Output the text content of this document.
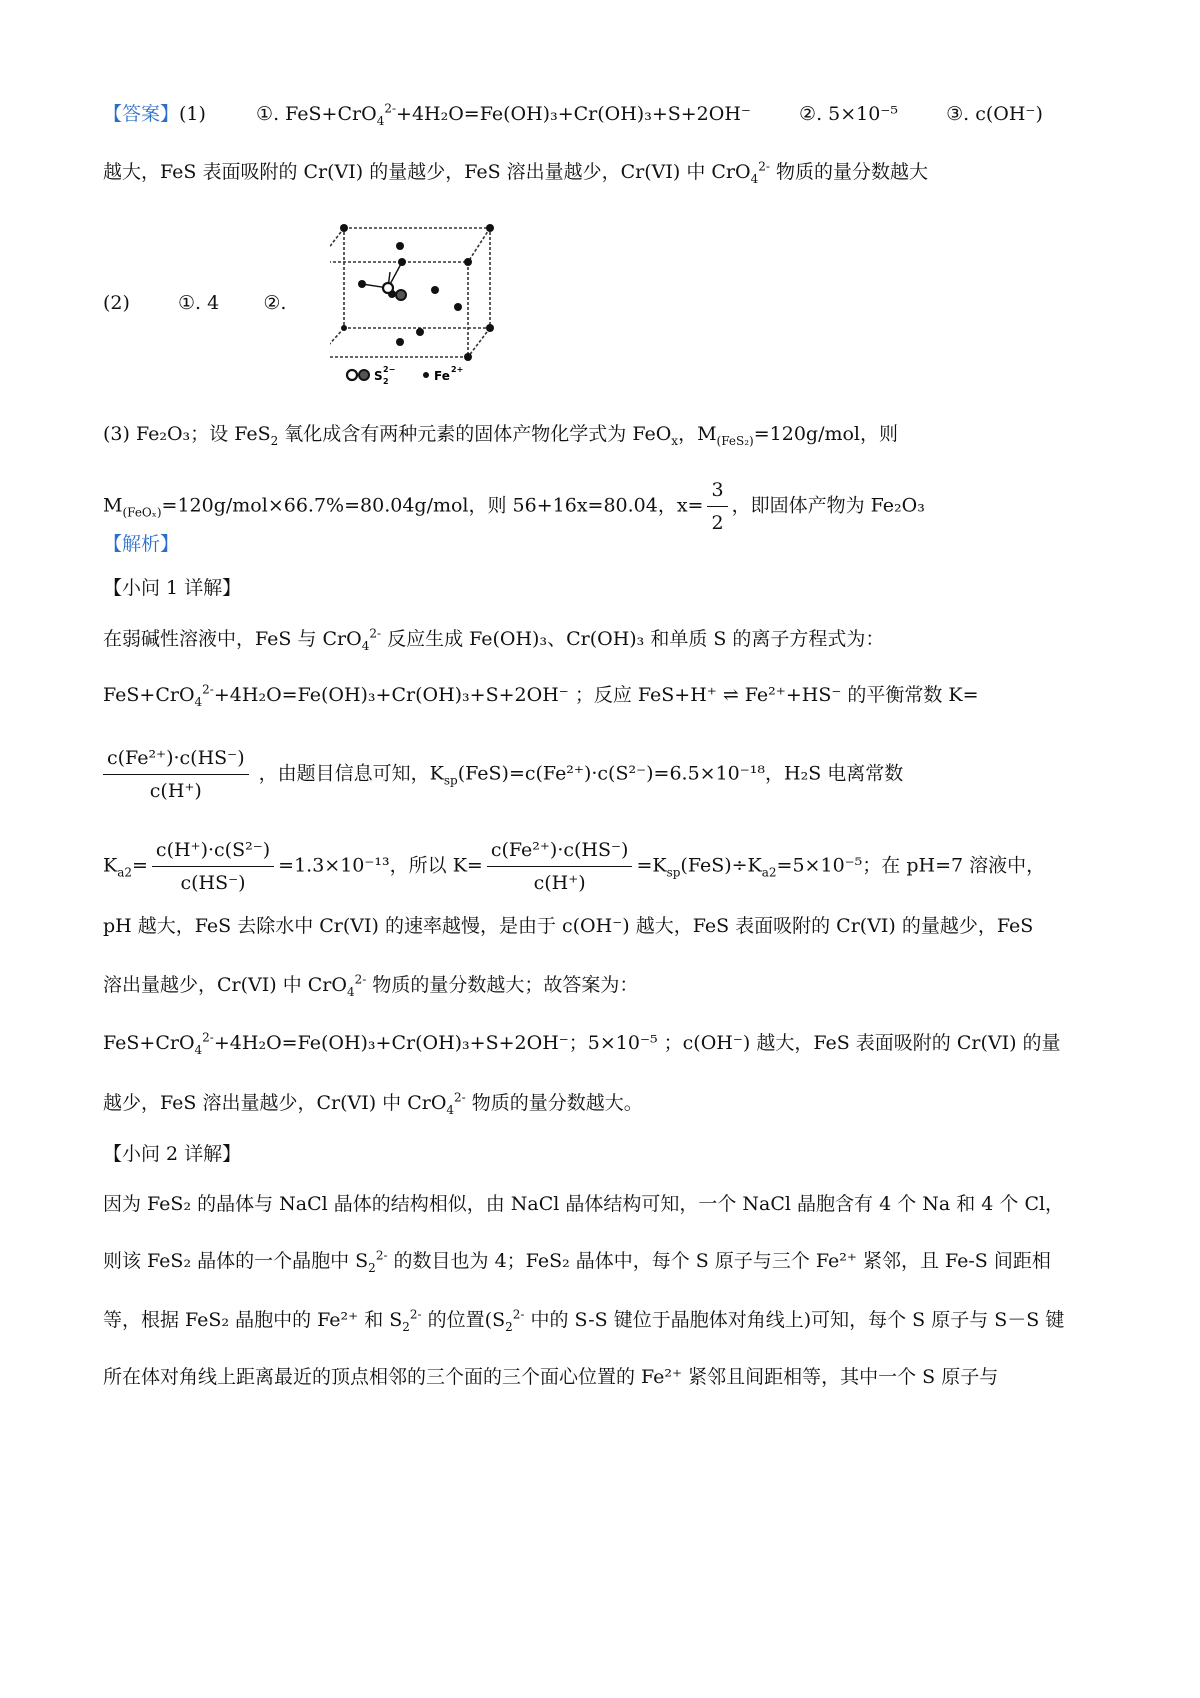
【答案】(1)	①. FeS+CrO$_4^{2-}$+4H₂O=Fe(OH)₃+Cr(OH)₃+S+2OH⁻	②. 5×10⁻⁵	③. c(OH⁻)
越大，FeS 表面吸附的 Cr(VI) 的量越少，FeS 溶出量越少，Cr(VI) 中 CrO$_4^{2-}$ 物质的量分数越大
(2)	①. 4 ②.
S 2
2−	Fe 2+
(3) Fe₂O₃；设 FeS$_2$ 氧化成含有两种元素的固体产物化学式为 FeO$_x$，$M_{(FeS_2)}=120g$/mol，则
$M_{(FeO_x)}=120g/mol\times 66.7\%=80.04g$/mol，则 56+16x=80.04，$x= \frac{3}{2}$ ，即固体产物为 Fe₂O₃
【解析】
【小问 1 详解】
在弱碱性溶液中，FeS 与 CrO$_4^{2-}$ 反应生成 Fe(OH)₃、Cr(OH)₃ 和单质 S 的离子方程式为：
FeS+CrO$_4^{2-}$+4H₂O=Fe(OH)₃+Cr(OH)₃+S+2OH⁻ ；反应 FeS+H⁺ ⇌ Fe²⁺+HS⁻ 的平衡常数 K=
$\frac{\text{c(Fe²⁺)·c(HS⁻)}}{c(H^+)}$ ，由题目信息可知，$K_{sp}(FeS)=c(Fe^{2+})\cdot c(S^{2-})=6.5\times 10^{-18}$，H₂S 电离常数
$K_{a2}= \frac{\text{c(H⁺)·c(S²⁻)}}{c(HS^-)} =1.3\times 10^{-13}$，所以 $K= \frac{\text{c(Fe²⁺)·c(HS⁻)}}{c(H^+)} =K_{sp}(FeS)\div K_{a2}=5\times 10^{-5}$；在 pH=7 溶液中，
pH 越大，FeS 去除水中 Cr(VI) 的速率越慢，是由于 c(OH⁻) 越大，FeS 表面吸附的 Cr(VI) 的量越少，FeS
溶出量越少，Cr(VI) 中 CrO$_4^{2-}$ 物质的量分数越大；故答案为：
FeS+CrO$_4^{2-}$+4H₂O=Fe(OH)₃+Cr(OH)₃+S+2OH⁻；5×10⁻⁵ ；c(OH⁻) 越大，FeS 表面吸附的 Cr(VI) 的量
越少，FeS 溶出量越少，Cr(VI) 中 CrO$_4^{2-}$ 物质的量分数越大。
【小问 2 详解】
因为 FeS₂ 的晶体与 NaCl 晶体的结构相似，由 NaCl 晶体结构可知，一个 NaCl 晶胞含有 4 个 Na 和 4 个 Cl，
则该 FeS₂ 晶体的一个晶胞中 $S_2^{2-}$ 的数目也为 4；FeS₂ 晶体中，每个 S 原子与三个 Fe²⁺ 紧邻，且 Fe-S 间距相
等，根据 FeS₂ 晶胞中的 Fe²⁺ 和 $S_2^{2-}$ 的位置($S_2^{2-}$ 中的 S-S 键位于晶胞体对角线上)可知，每个 S 原子与 S－S 键
所在体对角线上距离最近的顶点相邻的三个面的三个面心位置的 Fe²⁺ 紧邻且间距相等，其中一个 S 原子与
